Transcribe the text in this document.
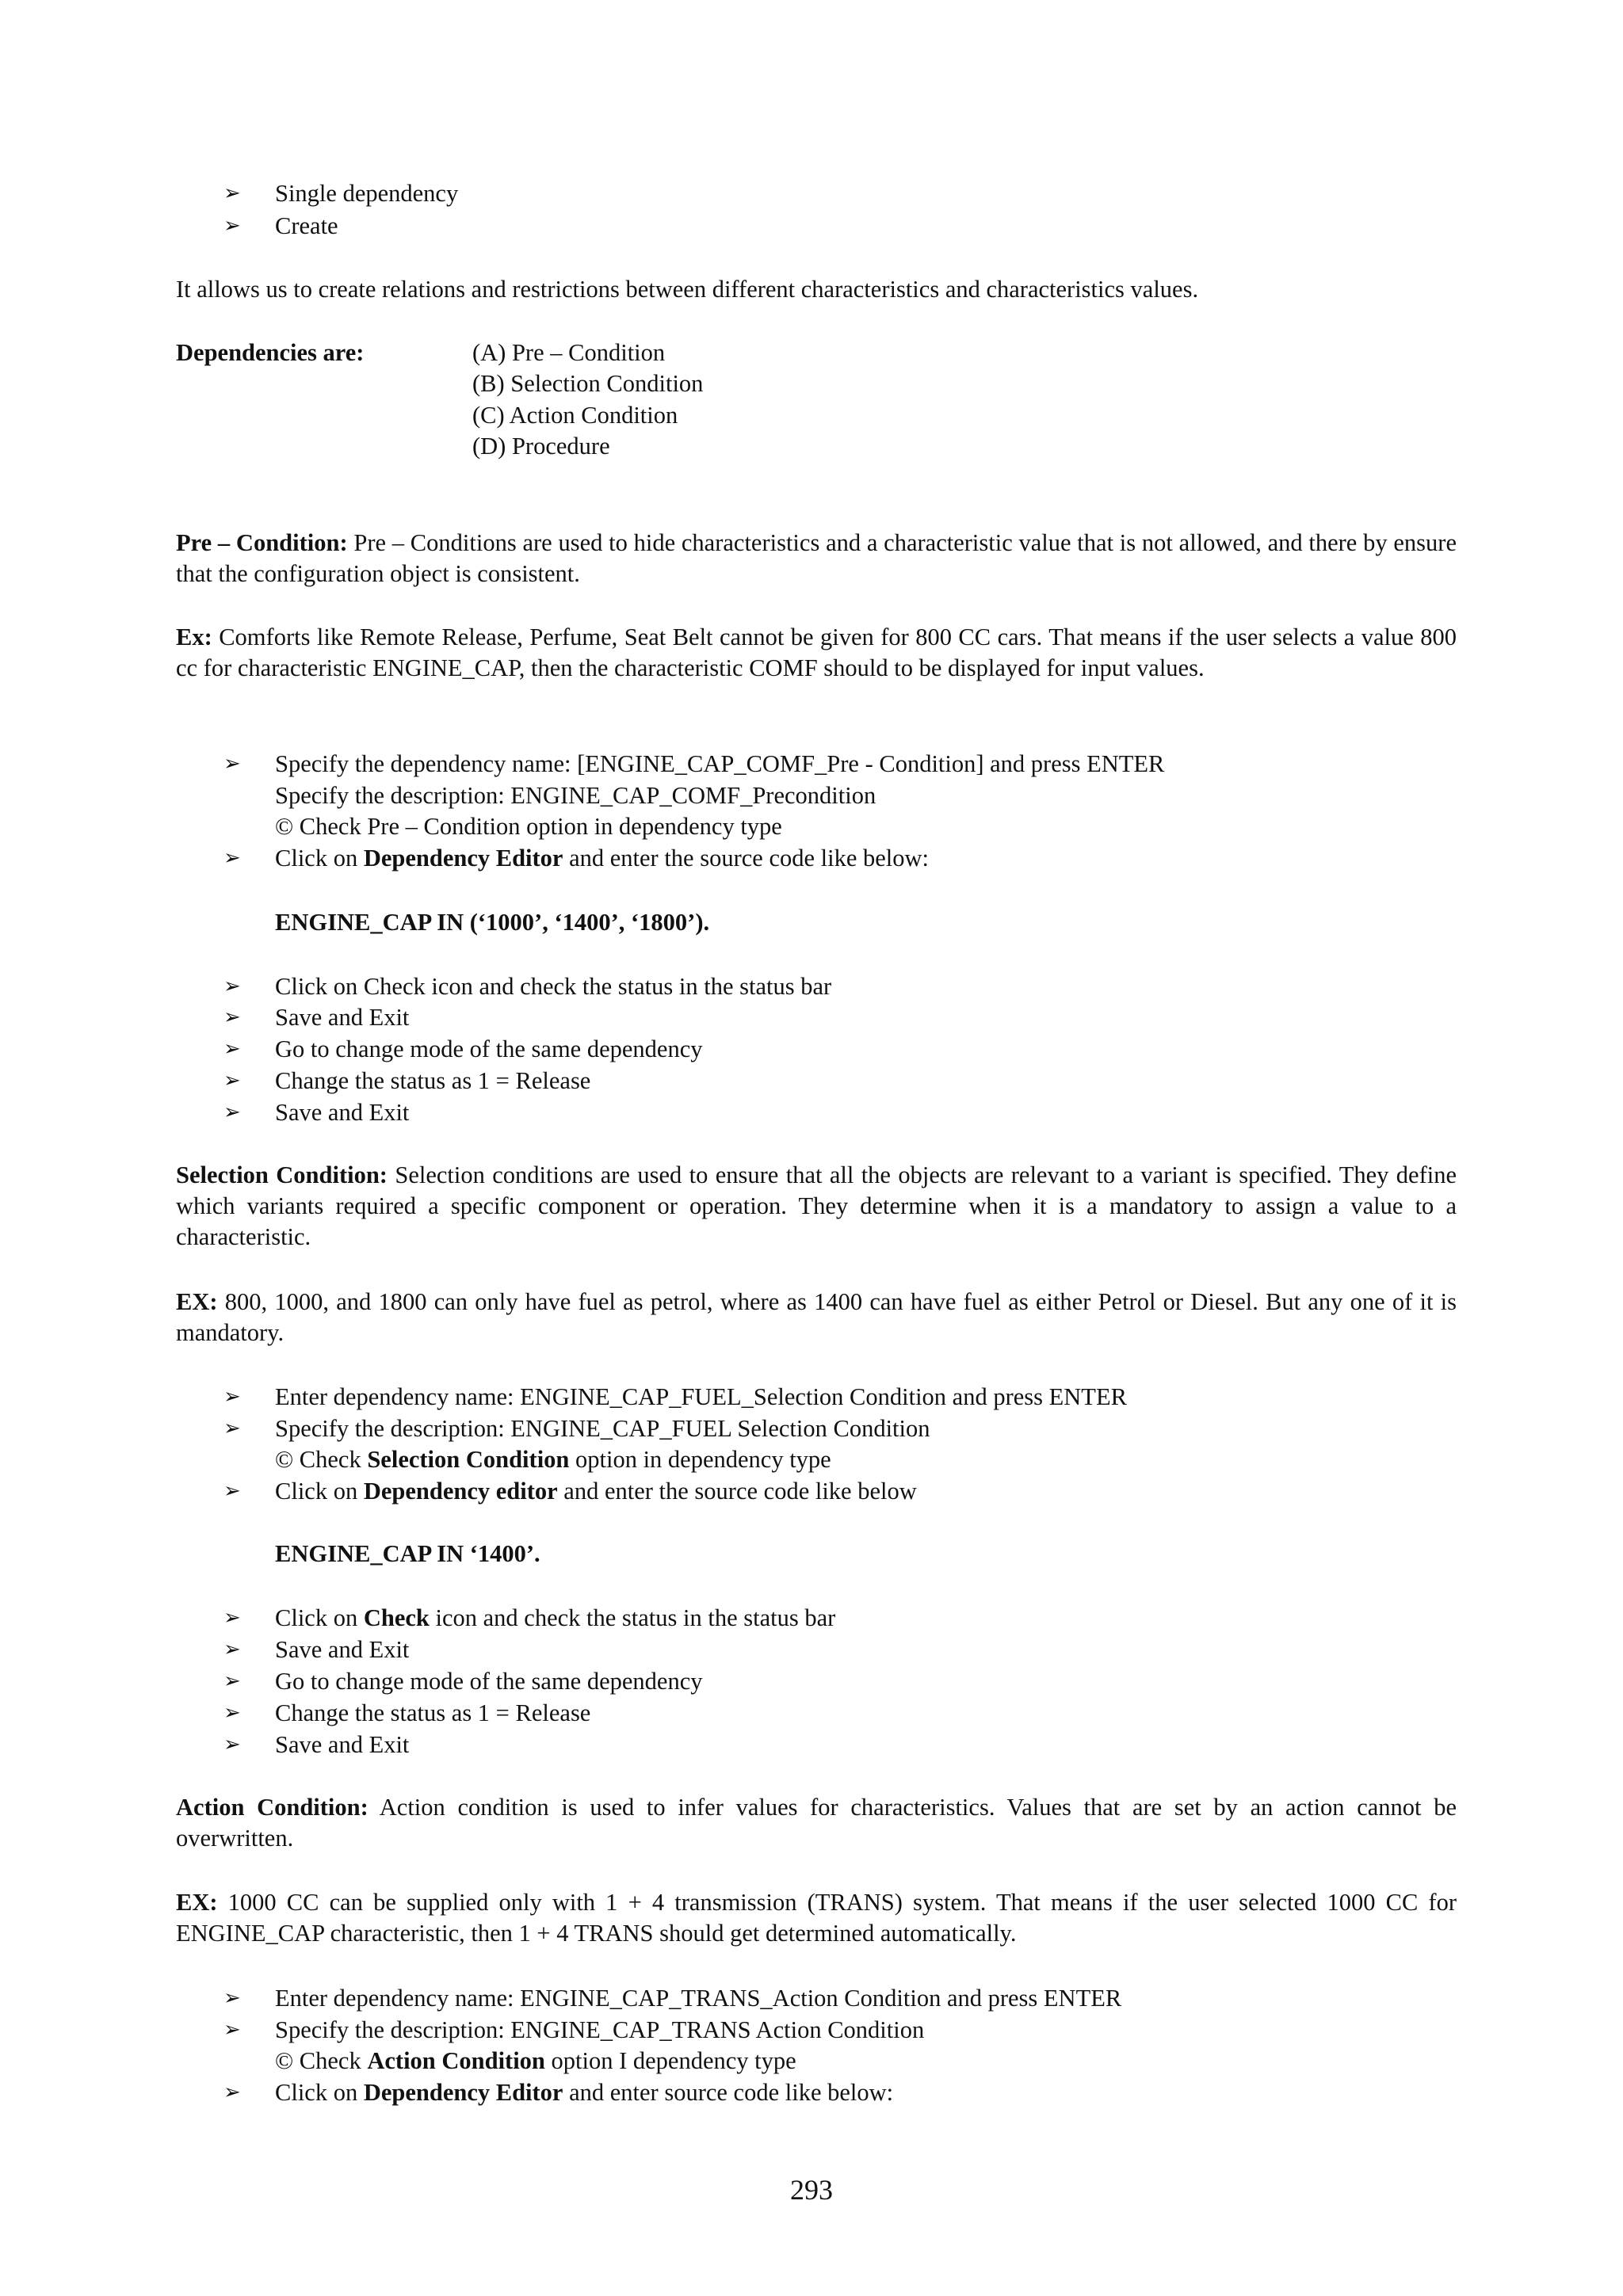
➢ Single dependency
➢ Create
It allows us to create relations and restrictions between different characteristics and characteristics values.
Dependencies are:	(A) Pre – Condition
(B) Selection Condition
(C) Action Condition
(D) Procedure
Pre – Condition: Pre – Conditions are used to hide characteristics and a characteristic value that is not allowed, and there by ensure that the configuration object is consistent.
Ex: Comforts like Remote Release, Perfume, Seat Belt cannot be given for 800 CC cars. That means if the user selects a value 800 cc for characteristic ENGINE_CAP, then the characteristic COMF should to be displayed for input values.
➢ Specify the dependency name: [ENGINE_CAP_COMF_Pre - Condition] and press ENTER
Specify the description: ENGINE_CAP_COMF_Precondition
© Check Pre – Condition option in dependency type
➢ Click on Dependency Editor and enter the source code like below:
ENGINE_CAP IN (‘1000’, ‘1400’, ‘1800’).
➢ Click on Check icon and check the status in the status bar
➢ Save and Exit
➢ Go to change mode of the same dependency
➢ Change the status as 1 = Release
➢ Save and Exit
Selection Condition: Selection conditions are used to ensure that all the objects are relevant to a variant is specified. They define which variants required a specific component or operation. They determine when it is a mandatory to assign a value to a characteristic.
EX: 800, 1000, and 1800 can only have fuel as petrol, where as 1400 can have fuel as either Petrol or Diesel. But any one of it is mandatory.
➢ Enter dependency name: ENGINE_CAP_FUEL_Selection Condition and press ENTER
➢ Specify the description: ENGINE_CAP_FUEL Selection Condition
© Check Selection Condition option in dependency type
➢ Click on Dependency editor and enter the source code like below
ENGINE_CAP IN ‘1400’.
➢ Click on Check icon and check the status in the status bar
➢ Save and Exit
➢ Go to change mode of the same dependency
➢ Change the status as 1 = Release
➢ Save and Exit
Action Condition: Action condition is used to infer values for characteristics. Values that are set by an action cannot be overwritten.
EX: 1000 CC can be supplied only with 1 + 4 transmission (TRANS) system. That means if the user selected 1000 CC for ENGINE_CAP characteristic, then 1 + 4 TRANS should get determined automatically.
➢ Enter dependency name: ENGINE_CAP_TRANS_Action Condition and press ENTER
➢ Specify the description: ENGINE_CAP_TRANS Action Condition
© Check Action Condition option I dependency type
➢ Click on Dependency Editor and enter source code like below:
293
